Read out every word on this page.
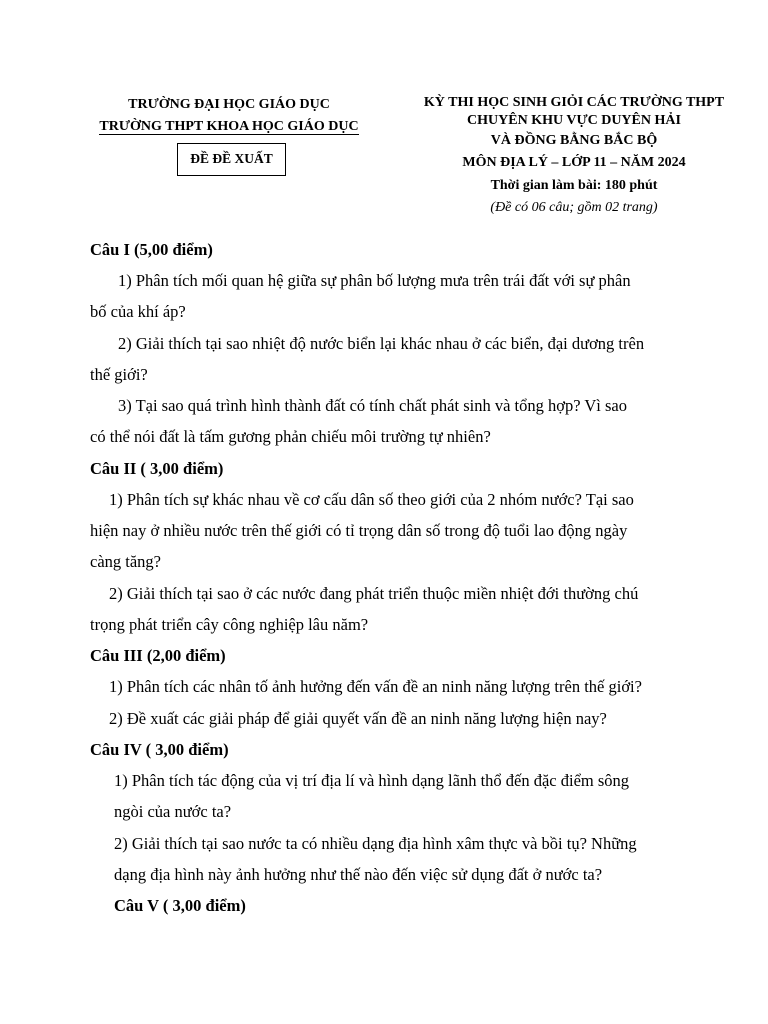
TRƯỜNG ĐẠI HỌC GIÁO DỤC
TRƯỜNG THPT KHOA HỌC GIÁO DỤC
ĐỀ ĐỀ XUẤT
KỲ THI HỌC SINH GIỎI CÁC TRƯỜNG THPT
CHUYÊN KHU VỰC DUYÊN HẢI
VÀ ĐỒNG BẰNG BẮC BỘ
MÔN ĐỊA LÝ – LỚP 11 – NĂM 2024
Thời gian làm bài: 180 phút
(Đề có 06 câu; gồm 02 trang)
Câu I (5,00 điểm)
1) Phân tích mối quan hệ giữa sự phân bố lượng mưa trên trái đất với sự phân
bố của khí áp?
2) Giải thích tại sao nhiệt độ nước biển lại khác nhau ở các biển, đại dương trên
thế giới?
3) Tại sao quá trình hình thành đất có tính chất phát sinh và tổng hợp? Vì sao
có thể nói đất là tấm gương phản chiếu môi trường tự nhiên?
Câu II ( 3,00 điểm)
1) Phân tích sự khác nhau về cơ cấu dân số theo giới của 2 nhóm nước? Tại sao
hiện nay ở nhiều nước trên thế giới có tỉ trọng dân số trong độ tuổi lao động ngày
càng tăng?
2) Giải thích tại sao ở các nước đang phát triển thuộc miền nhiệt đới thường chú
trọng phát triển cây công nghiệp lâu năm?
Câu III (2,00 điểm)
1) Phân tích các nhân tố ảnh hưởng đến vấn đề an ninh năng lượng trên thế giới?
2) Đề xuất các giải pháp để giải quyết vấn đề an ninh năng lượng hiện nay?
Câu IV ( 3,00 điểm)
1) Phân tích tác động của vị trí địa lí và hình dạng lãnh thổ đến đặc điểm sông
ngòi của nước ta?
2) Giải thích tại sao nước ta có nhiều dạng địa hình xâm thực và bồi tụ? Những
dạng địa hình này ảnh hưởng như thế nào đến việc sử dụng đất ở nước ta?
Câu V ( 3,00 điểm)
